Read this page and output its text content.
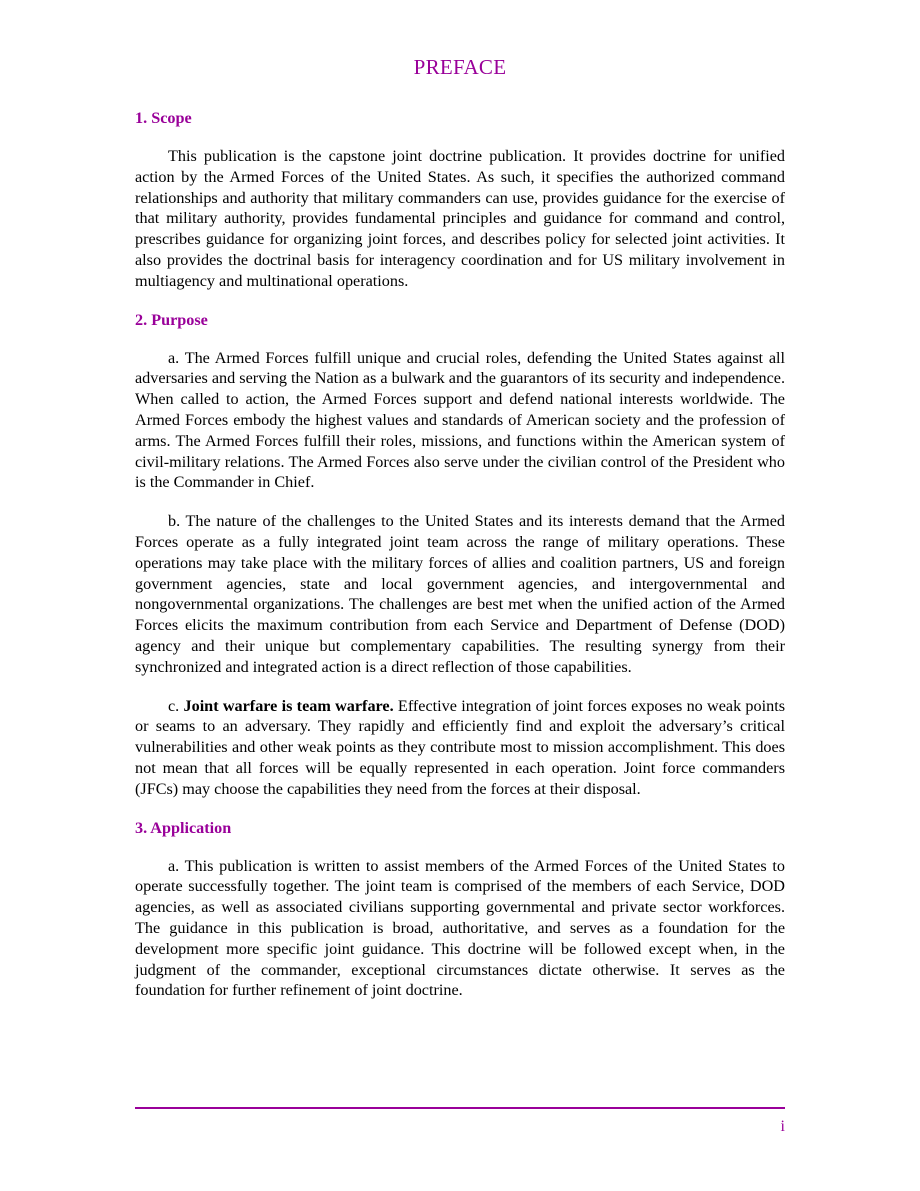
PREFACE
1. Scope

This publication is the capstone joint doctrine publication. It provides doctrine for unified action by the Armed Forces of the United States. As such, it specifies the authorized command relationships and authority that military commanders can use, provides guidance for the exercise of that military authority, provides fundamental principles and guidance for command and control, prescribes guidance for organizing joint forces, and describes policy for selected joint activities. It also provides the doctrinal basis for interagency coordination and for US military involvement in multiagency and multinational operations.

2. Purpose

a. The Armed Forces fulfill unique and crucial roles, defending the United States against all adversaries and serving the Nation as a bulwark and the guarantors of its security and independence. When called to action, the Armed Forces support and defend national interests worldwide. The Armed Forces embody the highest values and standards of American society and the profession of arms. The Armed Forces fulfill their roles, missions, and functions within the American system of civil-military relations. The Armed Forces also serve under the civilian control of the President who is the Commander in Chief.

b. The nature of the challenges to the United States and its interests demand that the Armed Forces operate as a fully integrated joint team across the range of military operations. These operations may take place with the military forces of allies and coalition partners, US and foreign government agencies, state and local government agencies, and intergovernmental and nongovernmental organizations. The challenges are best met when the unified action of the Armed Forces elicits the maximum contribution from each Service and Department of Defense (DOD) agency and their unique but complementary capabilities. The resulting synergy from their synchronized and integrated action is a direct reflection of those capabilities.

c. Joint warfare is team warfare. Effective integration of joint forces exposes no weak points or seams to an adversary. They rapidly and efficiently find and exploit the adversary’s critical vulnerabilities and other weak points as they contribute most to mission accomplishment. This does not mean that all forces will be equally represented in each operation. Joint force commanders (JFCs) may choose the capabilities they need from the forces at their disposal.

3. Application

a. This publication is written to assist members of the Armed Forces of the United States to operate successfully together. The joint team is comprised of the members of each Service, DOD agencies, as well as associated civilians supporting governmental and private sector workforces. The guidance in this publication is broad, authoritative, and serves as a foundation for the development more specific joint guidance. This doctrine will be followed except when, in the judgment of the commander, exceptional circumstances dictate otherwise. It serves as the foundation for further refinement of joint doctrine.

i
